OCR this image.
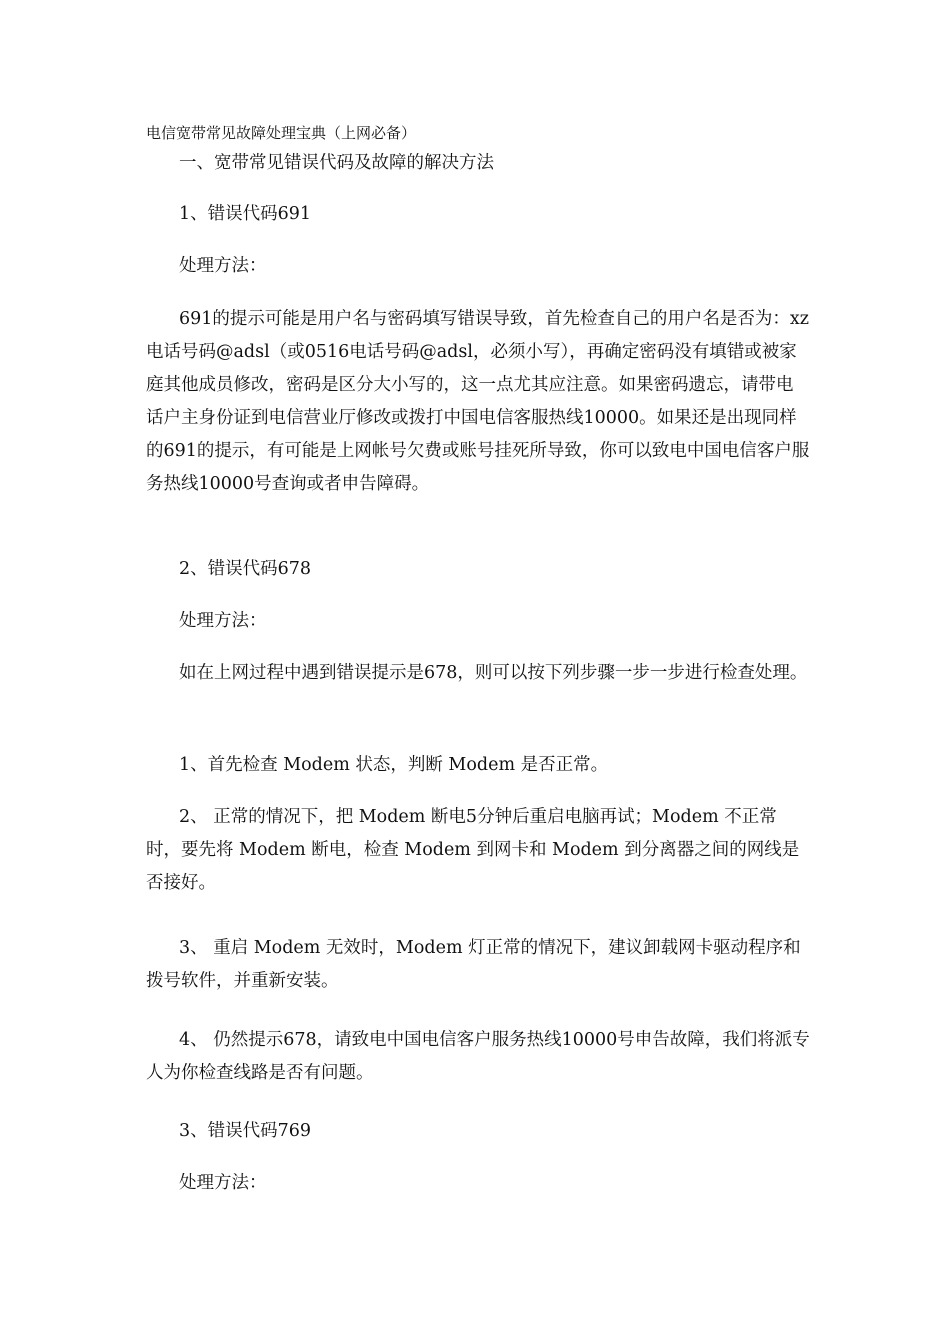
电信宽带常见故障处理宝典（上网必备）

一、宽带常见错误代码及故障的解决方法

1、错误代码691

处理方法：

691的提示可能是用户名与密码填写错误导致，首先检查自己的用户名是否为：xz 电话号码@adsl（或0516电话号码@adsl，必须小写），再确定密码没有填错或被家庭其他成员修改，密码是区分大小写的，这一点尤其应注意。如果密码遗忘，请带电话户主身份证到电信营业厅修改或拨打中国电信客服热线10000。如果还是出现同样的691的提示，有可能是上网帐号欠费或账号挂死所导致，你可以致电中国电信客户服务热线10000号查询或者申告障碍。

2、错误代码678

处理方法：

如在上网过程中遇到错误提示是678，则可以按下列步骤一步一步进行检查处理。

1、首先检查 Modem 状态，判断 Modem 是否正常。

2、 正常的情况下，把 Modem 断电5分钟后重启电脑再试；Modem 不正常时，要先将 Modem 断电，检查 Modem 到网卡和 Modem 到分离器之间的网线是否接好。

3、 重启 Modem 无效时，Modem 灯正常的情况下，建议卸载网卡驱动程序和拨号软件，并重新安装。

4、 仍然提示678，请致电中国电信客户服务热线10000号申告故障，我们将派专人为你检查线路是否有问题。

3、错误代码769

处理方法：
